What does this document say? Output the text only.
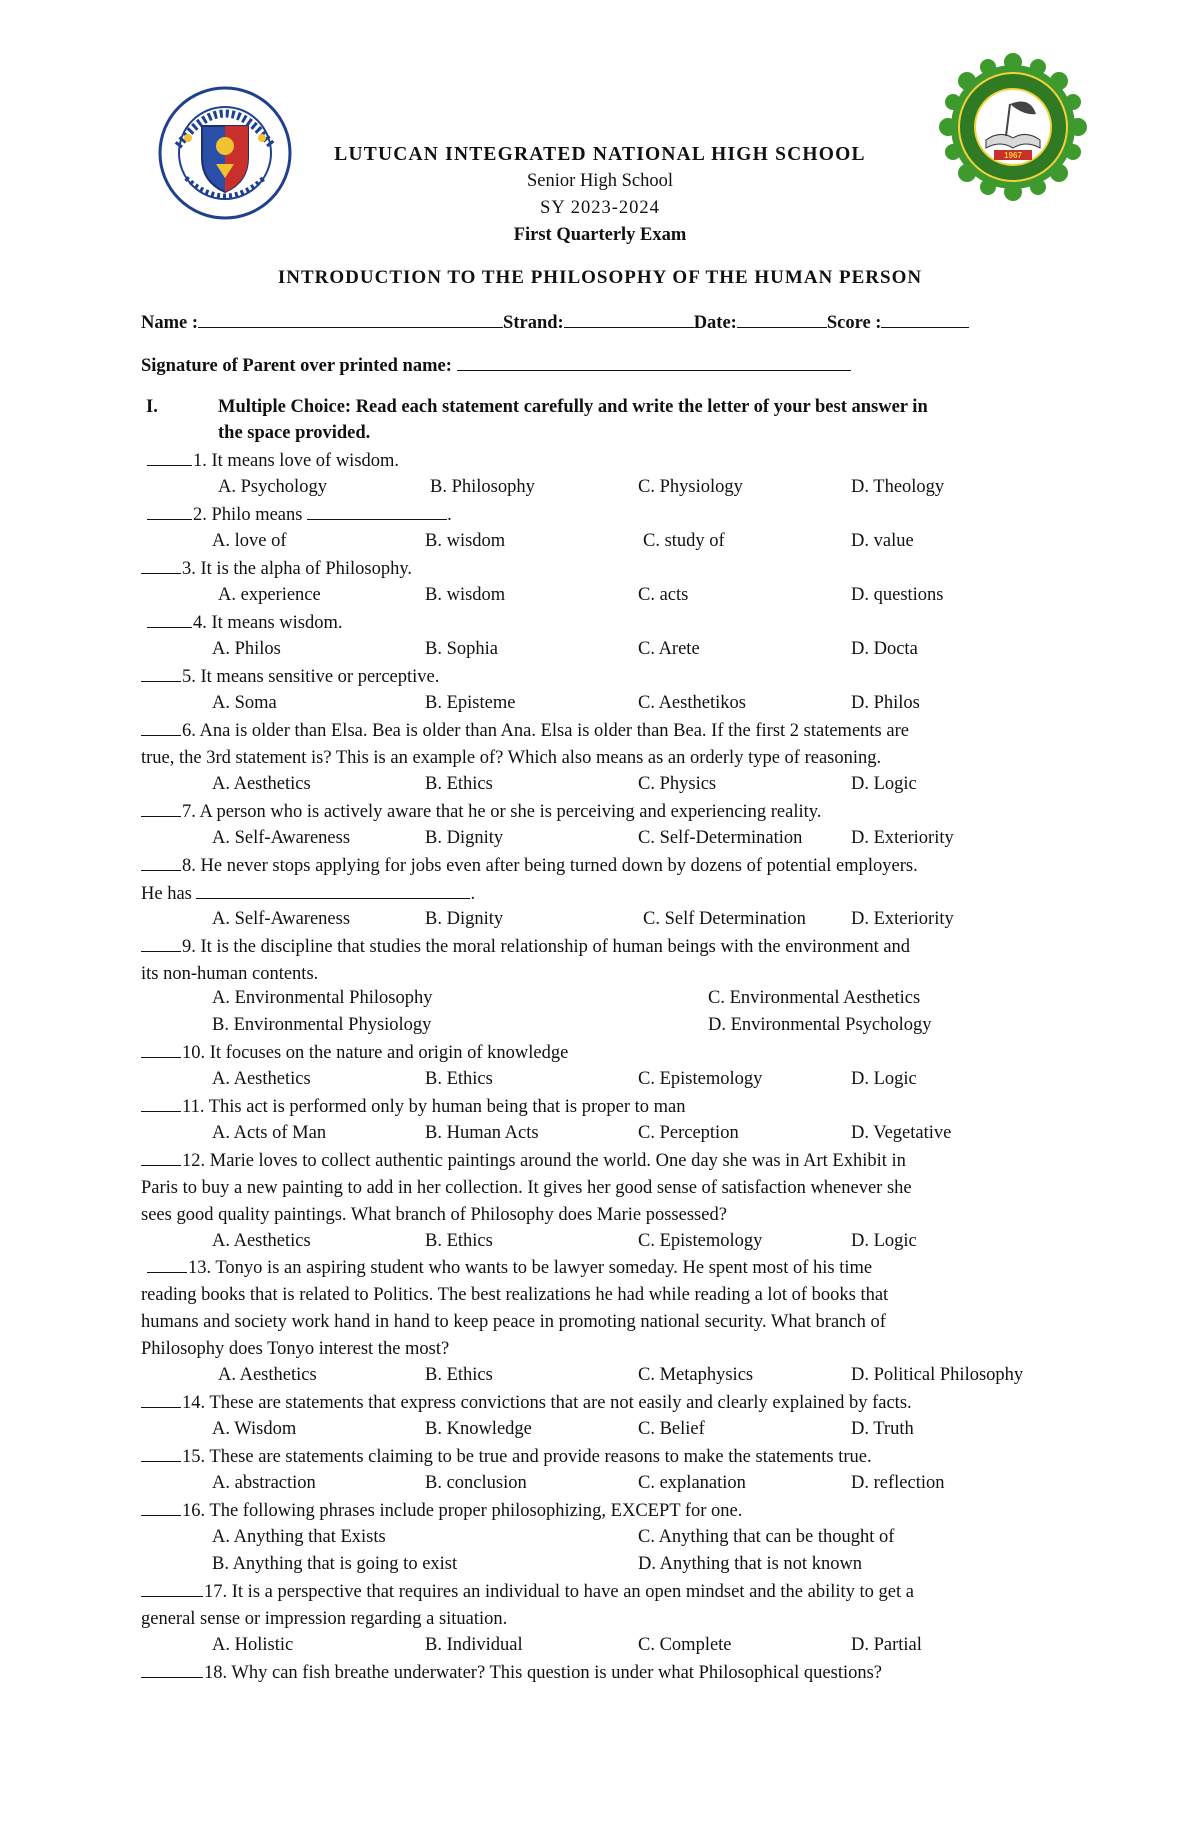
1967
LUTUCAN INTEGRATED NATIONAL HIGH SCHOOL
Senior High School
SY 2023-2024
First Quarterly Exam
INTRODUCTION TO THE PHILOSOPHY OF THE HUMAN PERSON
Name :	Strand:	Date:	Score :
Signature of Parent over printed name:
I.	Multiple Choice: Read each statement carefully and write the letter of your best answer in
the space provided.
1. It means love of wisdom.
A. Psychology	B. Philosophy	C. Physiology	D. Theology
2. Philo means	.
A. love of	B. wisdom	C. study of	D. value
3. It is the alpha of Philosophy.
A. experience	B. wisdom	C. acts	D. questions
4. It means wisdom.
A. Philos	B. Sophia	C. Arete	D. Docta
5. It means sensitive or perceptive.
A. Soma	B. Episteme	C. Aesthetikos	D. Philos
6. Ana is older than Elsa. Bea is older than Ana. Elsa is older than Bea. If the first 2 statements are
true, the 3rd statement is? This is an example of? Which also means as an orderly type of reasoning.
A. Aesthetics	B. Ethics	C. Physics	D. Logic
7. A person who is actively aware that he or she is perceiving and experiencing reality.
A. Self-Awareness	B. Dignity	C. Self-Determination	D. Exteriority
8. He never stops applying for jobs even after being turned down by dozens of potential employers.
He has	.
A. Self-Awareness	B. Dignity	C. Self Determination D. Exteriority
9. It is the discipline that studies the moral relationship of human beings with the environment and
its non-human contents.
A. Environmental Philosophy	C. Environmental Aesthetics
B. Environmental Physiology	D. Environmental Psychology
10. It focuses on the nature and origin of knowledge
A. Aesthetics	B. Ethics	C. Epistemology	D. Logic
11. This act is performed only by human being that is proper to man
A. Acts of Man	B. Human Acts	C. Perception	D. Vegetative
12. Marie loves to collect authentic paintings around the world. One day she was in Art Exhibit in
Paris to buy a new painting to add in her collection. It gives her good sense of satisfaction whenever she
sees good quality paintings. What branch of Philosophy does Marie possessed?
A. Aesthetics	B. Ethics	C. Epistemology	D. Logic
13. Tonyo is an aspiring student who wants to be lawyer someday. He spent most of his time
reading books that is related to Politics. The best realizations he had while reading a lot of books that
humans and society work hand in hand to keep peace in promoting national security. What branch of
Philosophy does Tonyo interest the most?
A. Aesthetics	B. Ethics	C. Metaphysics	D. Political Philosophy
14. These are statements that express convictions that are not easily and clearly explained by facts.
A. Wisdom	B. Knowledge	C. Belief	D. Truth
15. These are statements claiming to be true and provide reasons to make the statements true.
A. abstraction	B. conclusion	C. explanation	D. reflection
16. The following phrases include proper philosophizing, EXCEPT for one.
A. Anything that Exists	C. Anything that can be thought of
B. Anything that is going to exist	D. Anything that is not known
17. It is a perspective that requires an individual to have an open mindset and the ability to get a
general sense or impression regarding a situation.
A. Holistic	B. Individual	C. Complete	D. Partial
18. Why can fish breathe underwater? This question is under what Philosophical questions?
